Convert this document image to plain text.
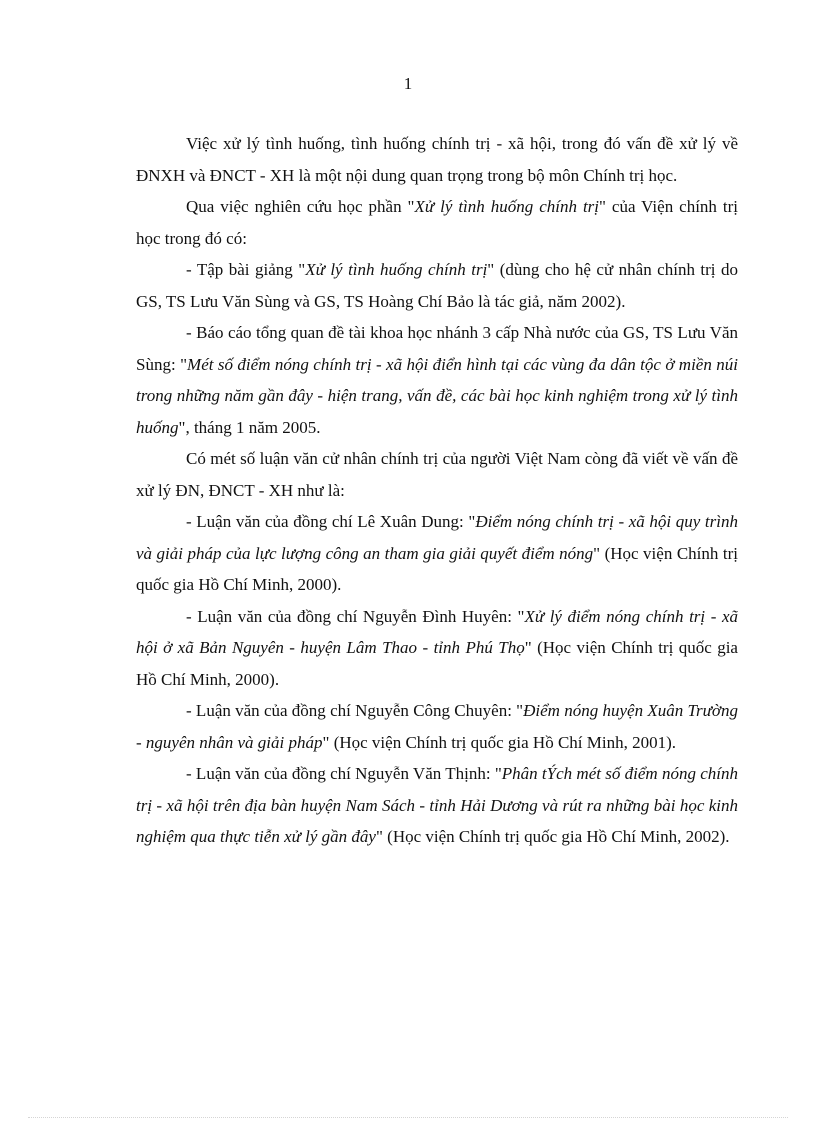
1

Việc xử lý tình huống, tình huống chính trị - xã hội, trong đó vấn đề xử lý về ĐNXH và ĐNCT - XH là một nội dung quan trọng trong bộ môn Chính trị học.

Qua việc nghiên cứu học phần "Xử lý tình huống chính trị" của Viện chính trị học trong đó có:

- Tập bài giảng "Xử lý tình huống chính trị" (dùng cho hệ cử nhân chính trị do GS, TS Lưu Văn Sùng và GS, TS Hoàng Chí Bảo là tác giả, năm 2002).

- Báo cáo tổng quan đề tài khoa học nhánh 3 cấp Nhà nước của GS, TS Lưu Văn Sùng: "Mét số điểm nóng chính trị - xã hội điển hình tại các vùng đa dân tộc ở miền núi trong những năm gần đây - hiện trang, vấn đề, các bài học kinh nghiệm trong xử lý tình huống", tháng 1 năm 2005.

Có mét số luận văn cử nhân chính trị của người Việt Nam còng đã viết về vấn đề xử lý ĐN, ĐNCT - XH như là:

- Luận văn của đồng chí Lê Xuân Dung: "Điểm nóng chính trị - xã hội quy trình và giải pháp của lực lượng công an tham gia giải quyết điểm nóng" (Học viện Chính trị quốc gia Hồ Chí Minh, 2000).

- Luận văn của đồng chí Nguyễn Đình Huyên: "Xử lý điểm nóng chính trị - xã hội ở xã Bản Nguyên - huyện Lâm Thao - tỉnh Phú Thọ" (Học viện Chính trị quốc gia Hồ Chí Minh, 2000).

- Luận văn của đồng chí Nguyễn Công Chuyên: "Điểm nóng huyện Xuân Trường - nguyên nhân và giải pháp" (Học viện Chính trị quốc gia Hồ Chí Minh, 2001).

- Luận văn của đồng chí Nguyễn Văn Thịnh: "Phân tÝch mét số điểm nóng chính trị - xã hội trên địa bàn huyện Nam Sách - tỉnh Hải Dương và rút ra những bài học kinh nghiệm qua thực tiễn xử lý gần đây" (Học viện Chính trị quốc gia Hồ Chí Minh, 2002).
